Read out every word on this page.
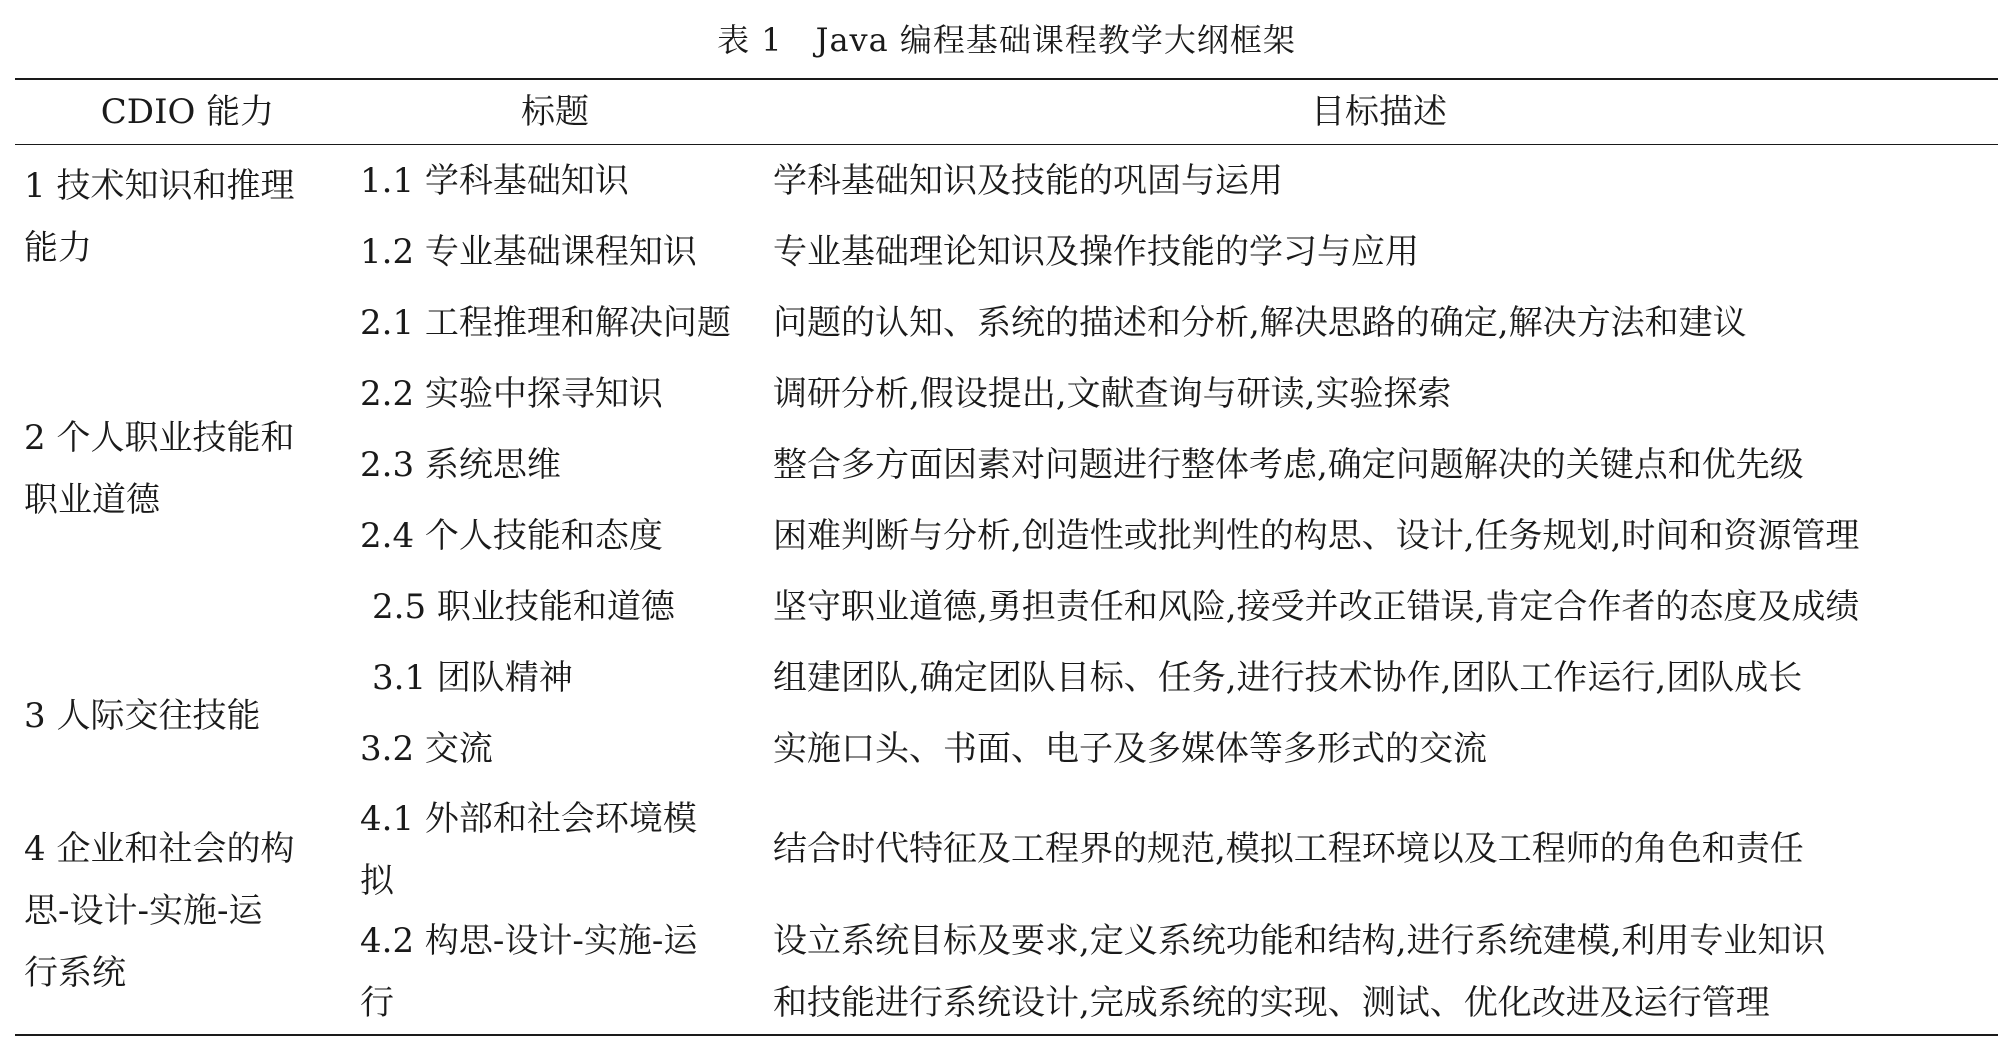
表 1　Java 编程基础课程教学大纲框架
CDIO 能力	标题	目标描述
1 技术知识和推理
能力
2 个人职业技能和
职业道德
3 人际交往技能
4 企业和社会的构
思-设计-实施-运
行系统
1.1 学科基础知识
1.2 专业基础课程知识
2.1 工程推理和解决问题
2.2 实验中探寻知识
2.3 系统思维
2.4 个人技能和态度
2.5 职业技能和道德
3.1 团队精神
3.2 交流
4.1 外部和社会环境模
拟
4.2 构思-设计-实施-运
行
学科基础知识及技能的巩固与运用
专业基础理论知识及操作技能的学习与应用
问题的认知、系统的描述和分析,解决思路的确定,解决方法和建议
调研分析,假设提出,文献查询与研读,实验探索
整合多方面因素对问题进行整体考虑,确定问题解决的关键点和优先级
困难判断与分析,创造性或批判性的构思、设计,任务规划,时间和资源管理
坚守职业道德,勇担责任和风险,接受并改正错误,肯定合作者的态度及成绩
组建团队,确定团队目标、任务,进行技术协作,团队工作运行,团队成长
实施口头、书面、电子及多媒体等多形式的交流
结合时代特征及工程界的规范,模拟工程环境以及工程师的角色和责任
设立系统目标及要求,定义系统功能和结构,进行系统建模,利用专业知识
和技能进行系统设计,完成系统的实现、测试、优化改进及运行管理
